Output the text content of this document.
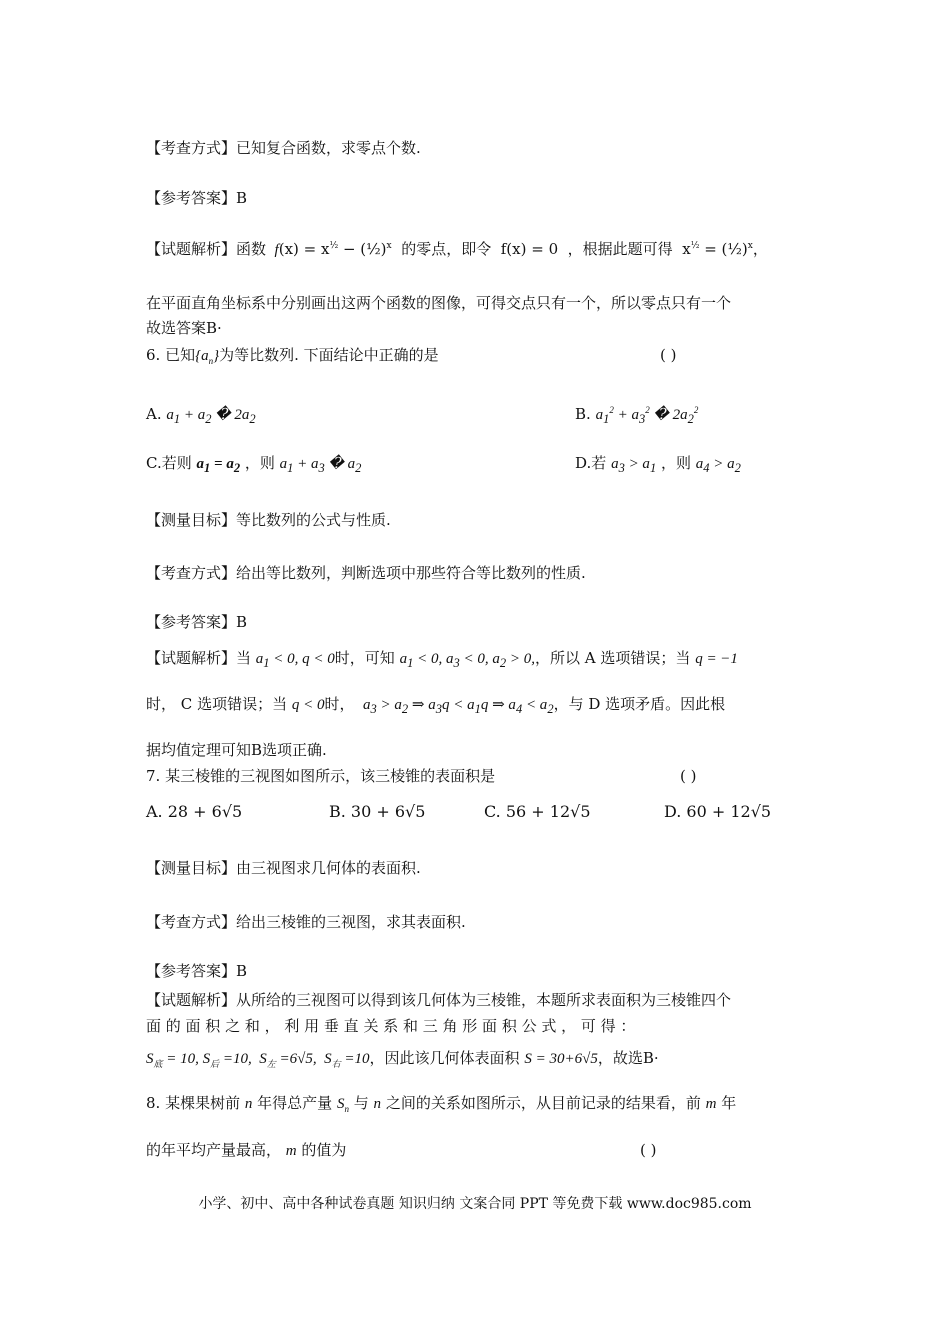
【考查方式】已知复合函数，求零点个数.
【参考答案】B
【试题解析】函数  $f(x) = x^{\frac{1}{2}}$ − (½)$^x$ 的零点，即令  f(x) = 0  ，根据此题可得  $x^{\frac{1}{2}}$ = (½)$^x$，
在平面直角坐标系中分别画出这两个函数的图像，可得交点只有一个，所以零点只有一个
故选答案B·
6. 已知$\{a_n\}$为等比数列. 下面结论中正确的是	( )
A. $a_1 + a_2$ � $2a_2$	B. $a_1^2 + a_3^2$ � $2a_2^2$
C.若则 $a_1 = a_2$ ，则 $a_1 + a_3$ � $a_2$	D.若 $a_3 > a_1$ ，则 $a_4 > a_2$
【测量目标】等比数列的公式与性质.
【考查方式】给出等比数列，判断选项中那些符合等比数列的性质.
【参考答案】B
【试题解析】当 $a_1 < 0$, q < 0时，可知 $a_1 < 0$, $a_3 < 0$, $a_2 > 0$,，所以 A 选项错误；当 q = −1
时， C 选项错误；当 q < 0时，  $a_3 > a_2$ ⇒ $a_3q < a_1q$ ⇒ $a_4 < a_2$，与 D 选项矛盾。因此根
据均值定理可知B选项正确.
7. 某三棱锥的三视图如图所示，该三棱锥的表面积是	( )
A. 28 + 6√5	B. 30 + 6√5	C. 56 + 12√5	D. 60 + 12√5
【测量目标】由三视图求几何体的表面积.
【考查方式】给出三棱锥的三视图，求其表面积.
【参考答案】B
【试题解析】从所给的三视图可以得到该几何体为三棱锥，本题所求表面积为三棱锥四个
面 的 面 积 之 和 ， 利 用 垂 直 关 系 和 三 角 形 面 积 公 式 ， 可 得 ：
$S_底 = 10$, $S_后 =10$,  $S_左 =6√5$,  $S_右 =10$，因此该几何体表面积 S = 30+6√5，故选B·
8. 某棵果树前 n 年得总产量 $S_n$ 与 n 之间的关系如图所示，从目前记录的结果看，前 m 年
的年平均产量最高， m 的值为	( )
小学、初中、高中各种试卷真题 知识归纳 文案合同 PPT 等免费下载 www.doc985.com
